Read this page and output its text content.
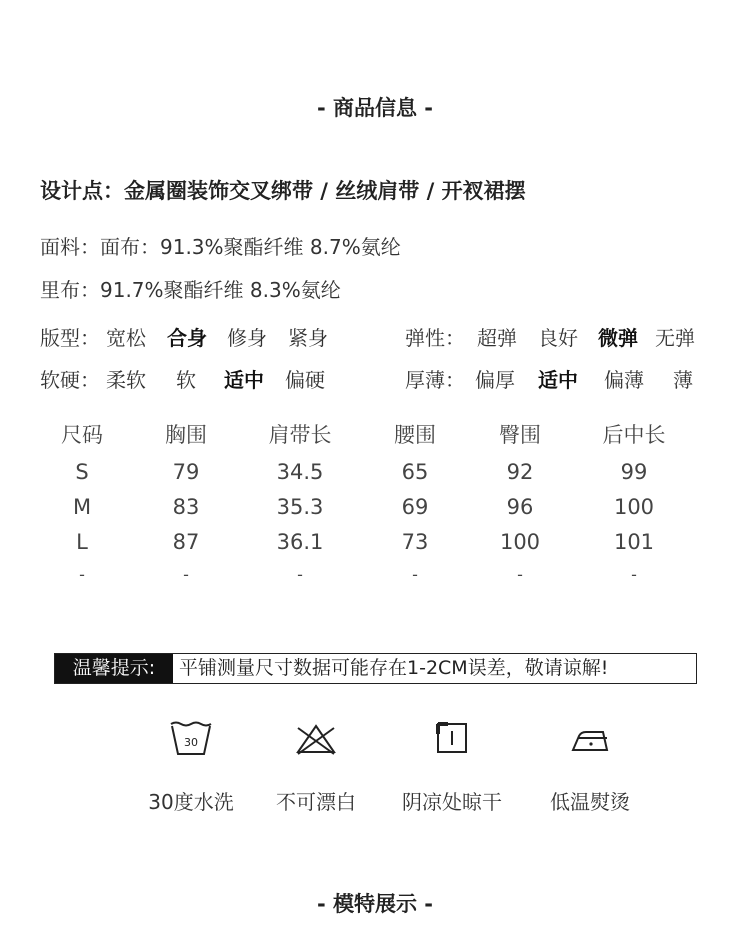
- 商品信息 -
设计点：金属圈装饰交叉绑带 / 丝绒肩带 / 开衩裙摆
面料：面布：91.3%聚酯纤维 8.7%氨纶
里布：91.7%聚酯纤维 8.3%氨纶
版型： 宽松 合身 修身 紧身	弹性： 超弹 良好 微弹 无弹
软硬： 柔软 软 适中 偏硬	厚薄： 偏厚 适中 偏薄 薄
尺码	胸围	肩带长	腰围	臀围	后中长
S	79	34.5	65	92	99
M	83	35.3	69	96	100
L	87	36.1	73	100	101
-	-	-	-	-	-
温馨提示:	平铺测量尺寸数据可能存在1-2CM误差，敬请谅解!
30
30度水洗	不可漂白	阴凉处晾干	低温熨烫
- 模特展示 -
